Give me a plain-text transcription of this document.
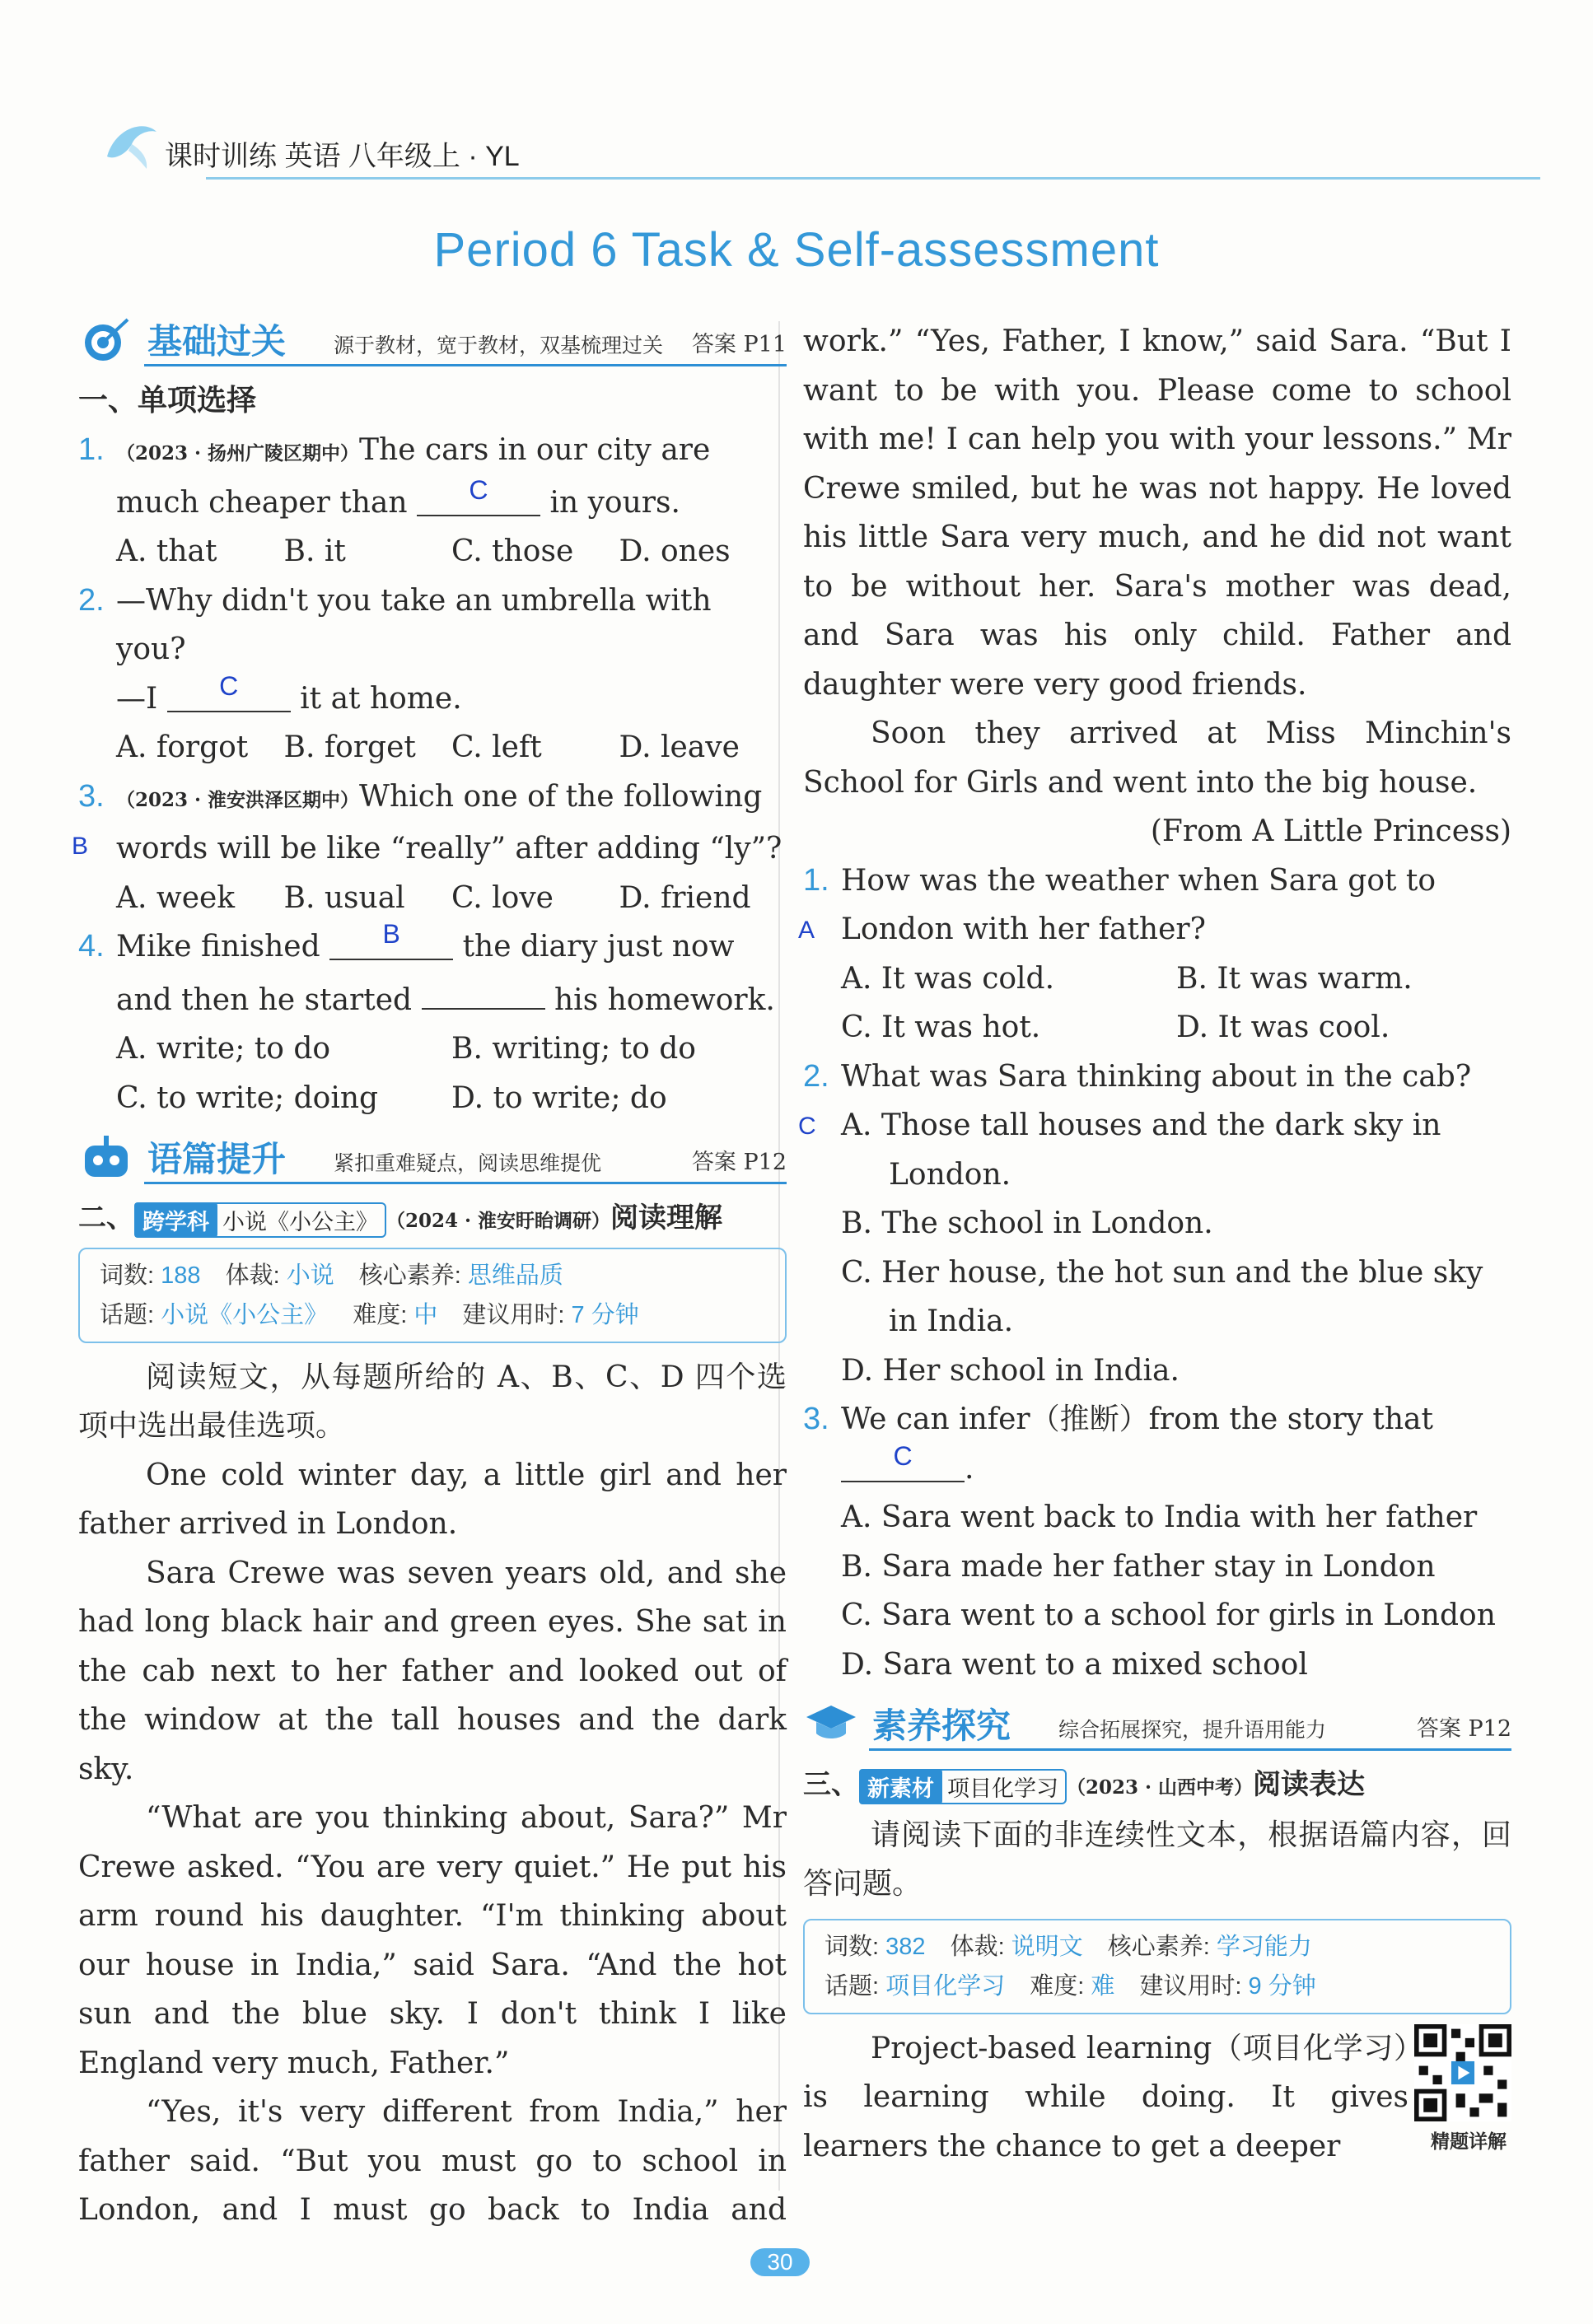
课时训练 英语 八年级上 · YL
Period 6 Task & Self-assessment
基础过关 源于教材，宽于教材，双基梳理过关 答案 P11
一、单项选择
1. （2023 · 扬州广陵区期中）The cars in our city are much cheaper than C in yours.
A. that	B. it	C. those	D. ones
2. —Why didn't you take an umbrella with you?
—I C it at home.
A. forgot	B. forget	C. left	D. leave
3.
B
（2023 · 淮安洪泽区期中）Which one of the following words will be like “really” after adding “ly”?
A. week	B. usual	C. love	D. friend
4. Mike finished B the diary just now and then he started	his homework.
A. write; to do	B. writing; to do
C. to write; doing	D. to write; do
语篇提升 紧扣重难疑点，阅读思维提优	答案 P12
二、 跨学科 小说《小公主》 （2024 · 淮安盱眙调研）阅读理解
词数: 188 体裁: 小说 核心素养: 思维品质
话题: 小说《小公主》 难度: 中 建议用时: 7 分钟

阅读短文，从每题所给的 A、B、C、D 四个选项中选出最佳选项。

One cold winter day, a little girl and her father arrived in London.

Sara Crewe was seven years old, and she had long black hair and green eyes. She sat in the cab next to her father and looked out of the window at the tall houses and the dark sky.

“What are you thinking about, Sara?” Mr Crewe asked. “You are very quiet.” He put his arm round his daughter. “I'm thinking about our house in India,” said Sara. “And the hot sun and the blue sky. I don't think I like England very much, Father.”

“Yes, it's very different from India,” her father said. “But you must go to school in London, and I must go back to India and

work.” “Yes, Father, I know,” said Sara. “But I want to be with you. Please come to school with me! I can help you with your lessons.” Mr Crewe smiled, but he was not happy. He loved his little Sara very much, and he did not want to be without her. Sara's mother was dead, and Sara was his only child. Father and daughter were very good friends.

Soon they arrived at Miss Minchin's School for Girls and went into the big house.

(From A Little Princess)

1.
A
How was the weather when Sara got to London with her father?
A. It was cold.	B. It was warm.
C. It was hot.	D. It was cool.
2.
C
What was Sara thinking about in the cab?

A. Those tall houses and the dark sky in London.

B. The school in London.

C. Her house, the hot sun and the blue sky in India.

D. Her school in India.

3. We can infer（推断）from the story that
C .

A. Sara went back to India with her father

B. Sara made her father stay in London

C. Sara went to a school for girls in London

D. Sara went to a mixed school

素养探究 综合拓展探究，提升语用能力	答案 P12
三、 新素材 项目化学习 （2023 · 山西中考）阅读表达

请阅读下面的非连续性文本，根据语篇内容，回答问题。

词数: 382 体裁: 说明文 核心素养: 学习能力
话题: 项目化学习 难度: 难 建议用时: 9 分钟

Project-based learning（项目化学习）is learning while doing. It gives learners the chance to get a deeper	精题详解
30
